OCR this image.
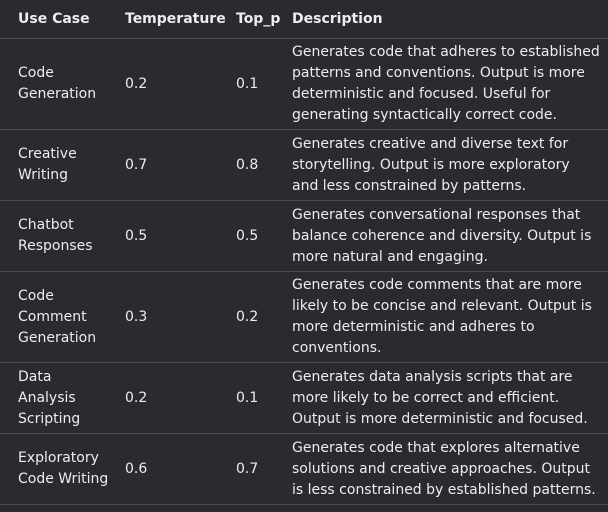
Use Case	Temperature	Top_p	Description
Code Generation	0.2	0.1	Generates code that adheres to established patterns and conventions. Output is more deterministic and focused. Useful for generating syntactically correct code.
Creative Writing	0.7	0.8	Generates creative and diverse text for storytelling. Output is more exploratory and less constrained by patterns.
Chatbot Responses	0.5	0.5	Generates conversational responses that balance coherence and diversity. Output is more natural and engaging.
Code Comment Generation	0.3	0.2	Generates code comments that are more likely to be concise and relevant. Output is more deterministic and adheres to conventions.
Data Analysis Scripting	0.2	0.1	Generates data analysis scripts that are more likely to be correct and efficient. Output is more deterministic and focused.
Exploratory Code Writing	0.6	0.7	Generates code that explores alternative solutions and creative approaches. Output is less constrained by established patterns.
